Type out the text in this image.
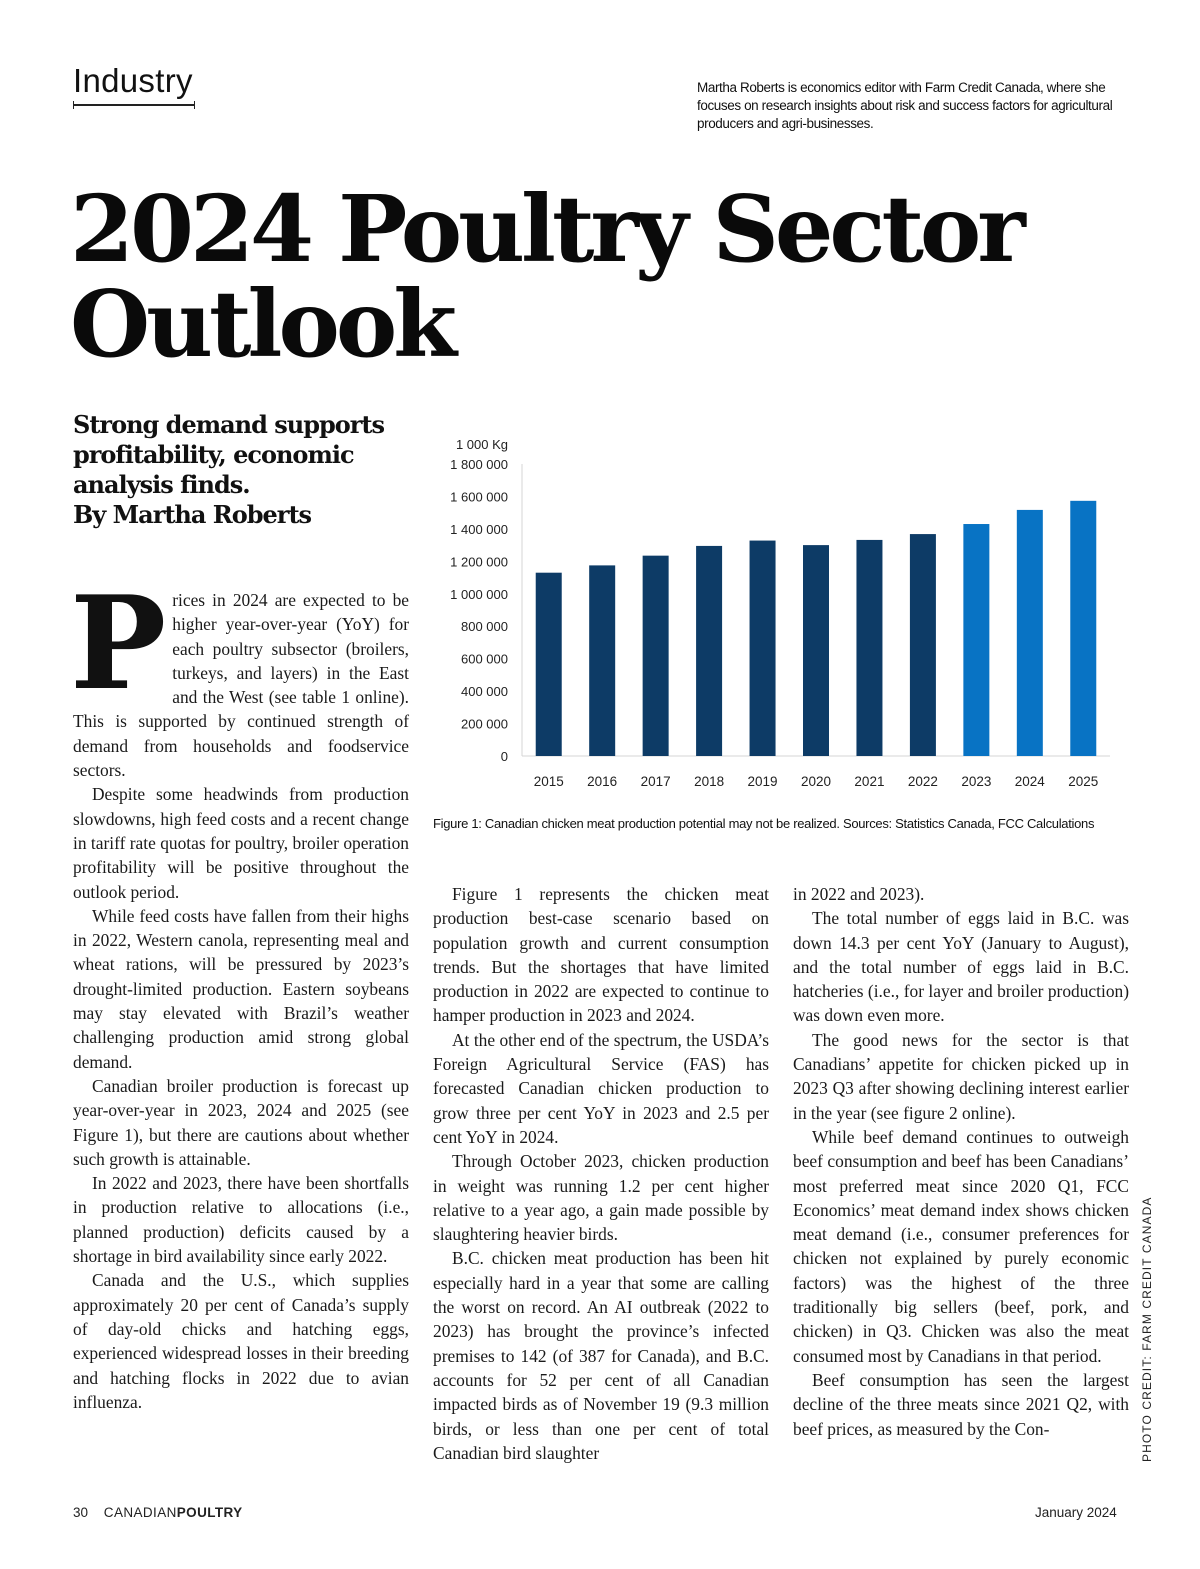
Industry	Martha Roberts is economics editor with Farm Credit Canada, where she focuses on research insights about risk and success factors for agricultural producers and agri-businesses.
2024 Poultry Sector
Outlook
Strong demand supports profitability, economic analysis finds.
By Martha Roberts
P rices in 2024 are expected to be higher year-over-year (YoY) for each poultry subsector (broilers, turkeys, and layers) in the East and the West (see table 1 online). This is supported by continued strength of demand from households and foodservice sectors.

Despite some headwinds from production slowdowns, high feed costs and a recent change in tariff rate quotas for poultry, broiler operation profitability will be positive throughout the outlook period.

While feed costs have fallen from their highs in 2022, Western canola, representing meal and wheat rations, will be pressured by 2023’s drought-limited production. Eastern soybeans may stay elevated with Brazil’s weather challenging production amid strong global demand.

Canadian broiler production is forecast up year-over-year in 2023, 2024 and 2025 (see Figure 1), but there are cautions about whether such growth is attainable.

In 2022 and 2023, there have been shortfalls in production relative to allocations (i.e., planned production) deficits caused by a shortage in bird availability since early 2022.

Canada and the U.S., which supplies approximately 20 per cent of Canada’s supply of day-old chicks and hatching eggs, experienced widespread losses in their breeding and hatching flocks in 2022 due to avian influenza.

1 000 Kg
0
200 000
400 000
600 000
800 000
1 000 000
1 200 000
1 400 000
1 600 000
1 800 000
2015 2016 2017 2018 2019 2020 2021 2022 2023 2024 2025
Figure 1: Canadian chicken meat production potential may not be realized. Sources: Statistics Canada, FCC Calculations

Figure 1 represents the chicken meat production best-case scenario based on population growth and current consumption trends. But the shortages that have limited production in 2022 are expected to continue to hamper production in 2023 and 2024.

At the other end of the spectrum, the USDA’s Foreign Agricultural Service (FAS) has forecasted Canadian chicken production to grow three per cent YoY in 2023 and 2.5 per cent YoY in 2024.

Through October 2023, chicken production in weight was running 1.2 per cent higher relative to a year ago, a gain made possible by slaughtering heavier birds.

B.C. chicken meat production has been hit especially hard in a year that some are calling the worst on record. An AI outbreak (2022 to 2023) has brought the province’s infected premises to 142 (of 387 for Canada), and B.C. accounts for 52 per cent of all Canadian impacted birds as of November 19 (9.3 million birds, or less than one per cent of total Canadian bird slaughter

in 2022 and 2023).

The total number of eggs laid in B.C. was down 14.3 per cent YoY (January to August), and the total number of eggs laid in B.C. hatcheries (i.e., for layer and broiler production) was down even more.

The good news for the sector is that Canadians’ appetite for chicken picked up in 2023 Q3 after showing declining interest earlier in the year (see figure 2 online).

While beef demand continues to outweigh beef consumption and beef has been Canadians’ most preferred meat since 2020 Q1, FCC Economics’ meat demand index shows chicken meat demand (i.e., consumer preferences for chicken not explained by purely economic factors) was the highest of the three traditionally big sellers (beef, pork, and chicken) in Q3. Chicken was also the meat consumed most by Canadians in that period.

Beef consumption has seen the largest decline of the three meats since 2021 Q2, with beef prices, as measured by the Con-	PHOTO CREDIT: FARM CREDIT CANADA
30 CANADIANPOULTRY	January 2024
